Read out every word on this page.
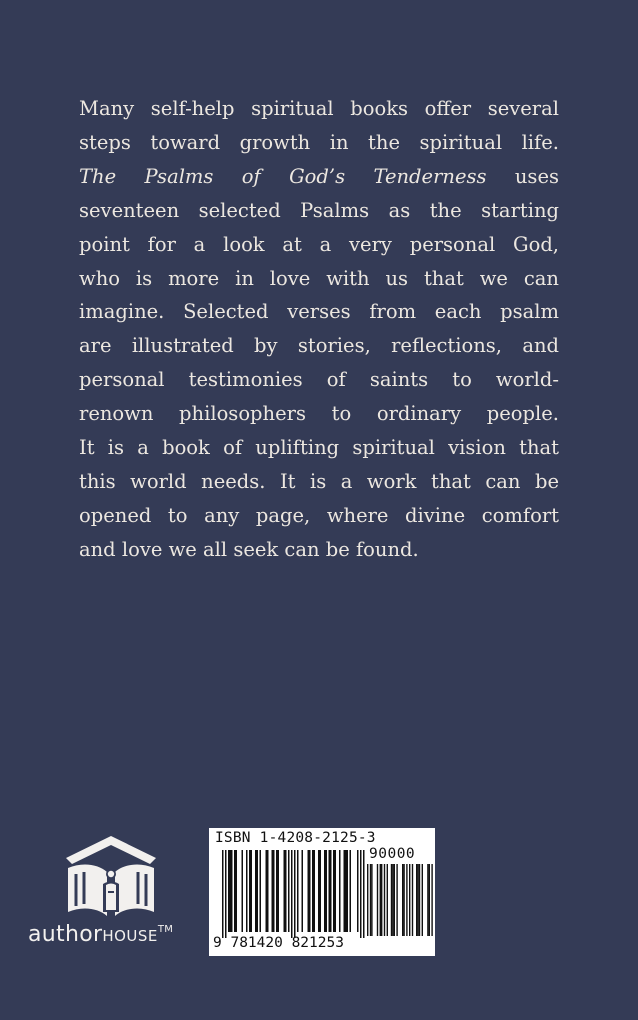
Many self-help spiritual books offer several
steps toward growth in the spiritual life.
The Psalms of God’s Tenderness uses
seventeen selected Psalms as the starting
point for a look at a very personal God,
who is more in love with us that we can
imagine. Selected verses from each psalm
are illustrated by stories, reflections, and
personal testimonies of saints to world-
renown philosophers to ordinary people.
It is a book of uplifting spiritual vision that
this world needs. It is a work that can be
opened to any page, where divine comfort
and love we all seek can be found.
authorHOUSE™
ISBN 1-4208-2125-3
90000
9 781420 821253
